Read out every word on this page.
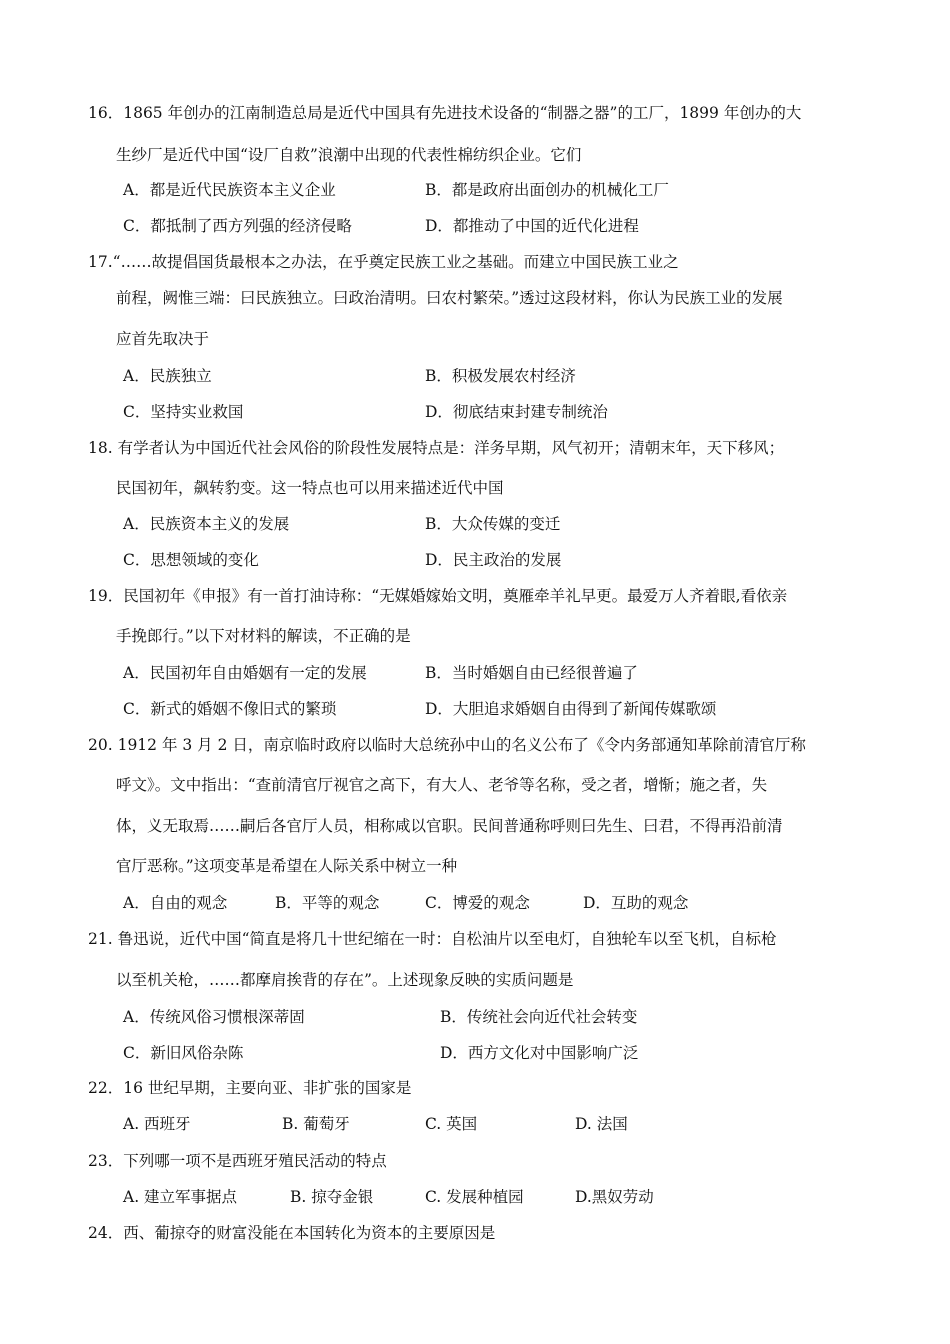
16．1865 年创办的江南制造总局是近代中国具有先进技术设备的“制器之器”的工厂，1899 年创办的大
生纱厂是近代中国“设厂自救”浪潮中出现的代表性棉纺织企业。它们
A．都是近代民族资本主义企业	B．都是政府出面创办的机械化工厂
C．都抵制了西方列强的经济侵略	D．都推动了中国的近代化进程
17.“……故提倡国货最根本之办法，在乎奠定民族工业之基础。而建立中国民族工业之
前程，阙惟三端：曰民族独立。曰政治清明。曰农村繁荣。”透过这段材料，你认为民族工业的发展
应首先取决于
A．民族独立	B．积极发展农村经济
C．坚持实业救国	D．彻底结束封建专制统治
18. 有学者认为中国近代社会风俗的阶段性发展特点是：洋务早期，风气初开；清朝末年，天下移风；
民国初年，飙转豹变。这一特点也可以用来描述近代中国
A．民族资本主义的发展	B．大众传媒的变迁
C．思想领域的变化	D．民主政治的发展
19．民国初年《申报》有一首打油诗称：“无媒婚嫁始文明，奠雁牵羊礼早更。最爱万人齐着眼,看依亲
手挽郎行。”以下对材料的解读，不正确的是
A．民国初年自由婚姻有一定的发展	B．当时婚姻自由已经很普遍了
C．新式的婚姻不像旧式的繁琐	D．大胆追求婚姻自由得到了新闻传媒歌颂
20. 1912 年 3 月 2 日，南京临时政府以临时大总统孙中山的名义公布了《令内务部通知革除前清官厅称
呼文》。文中指出：“查前清官厅视官之高下，有大人、老爷等名称，受之者，增惭；施之者，失
体，义无取焉……嗣后各官厅人员，相称咸以官职。民间普通称呼则曰先生、曰君，不得再沿前清
官厅恶称。”这项变革是希望在人际关系中树立一种
A．自由的观念	B．平等的观念	C．博爱的观念	D．互助的观念
21. 鲁迅说，近代中国“简直是将几十世纪缩在一时：自松油片以至电灯，自独轮车以至飞机，自标枪
以至机关枪，……都摩肩挨背的存在”。上述现象反映的实质问题是
A．传统风俗习惯根深蒂固	B．传统社会向近代社会转变
C．新旧风俗杂陈	D．西方文化对中国影响广泛
22．16 世纪早期，主要向亚、非扩张的国家是
A. 西班牙	B. 葡萄牙	C. 英国	D. 法国
23．下列哪一项不是西班牙殖民活动的特点
A. 建立军事据点	B. 掠夺金银	C. 发展种植园	D.黑奴劳动
24．西、葡掠夺的财富没能在本国转化为资本的主要原因是
